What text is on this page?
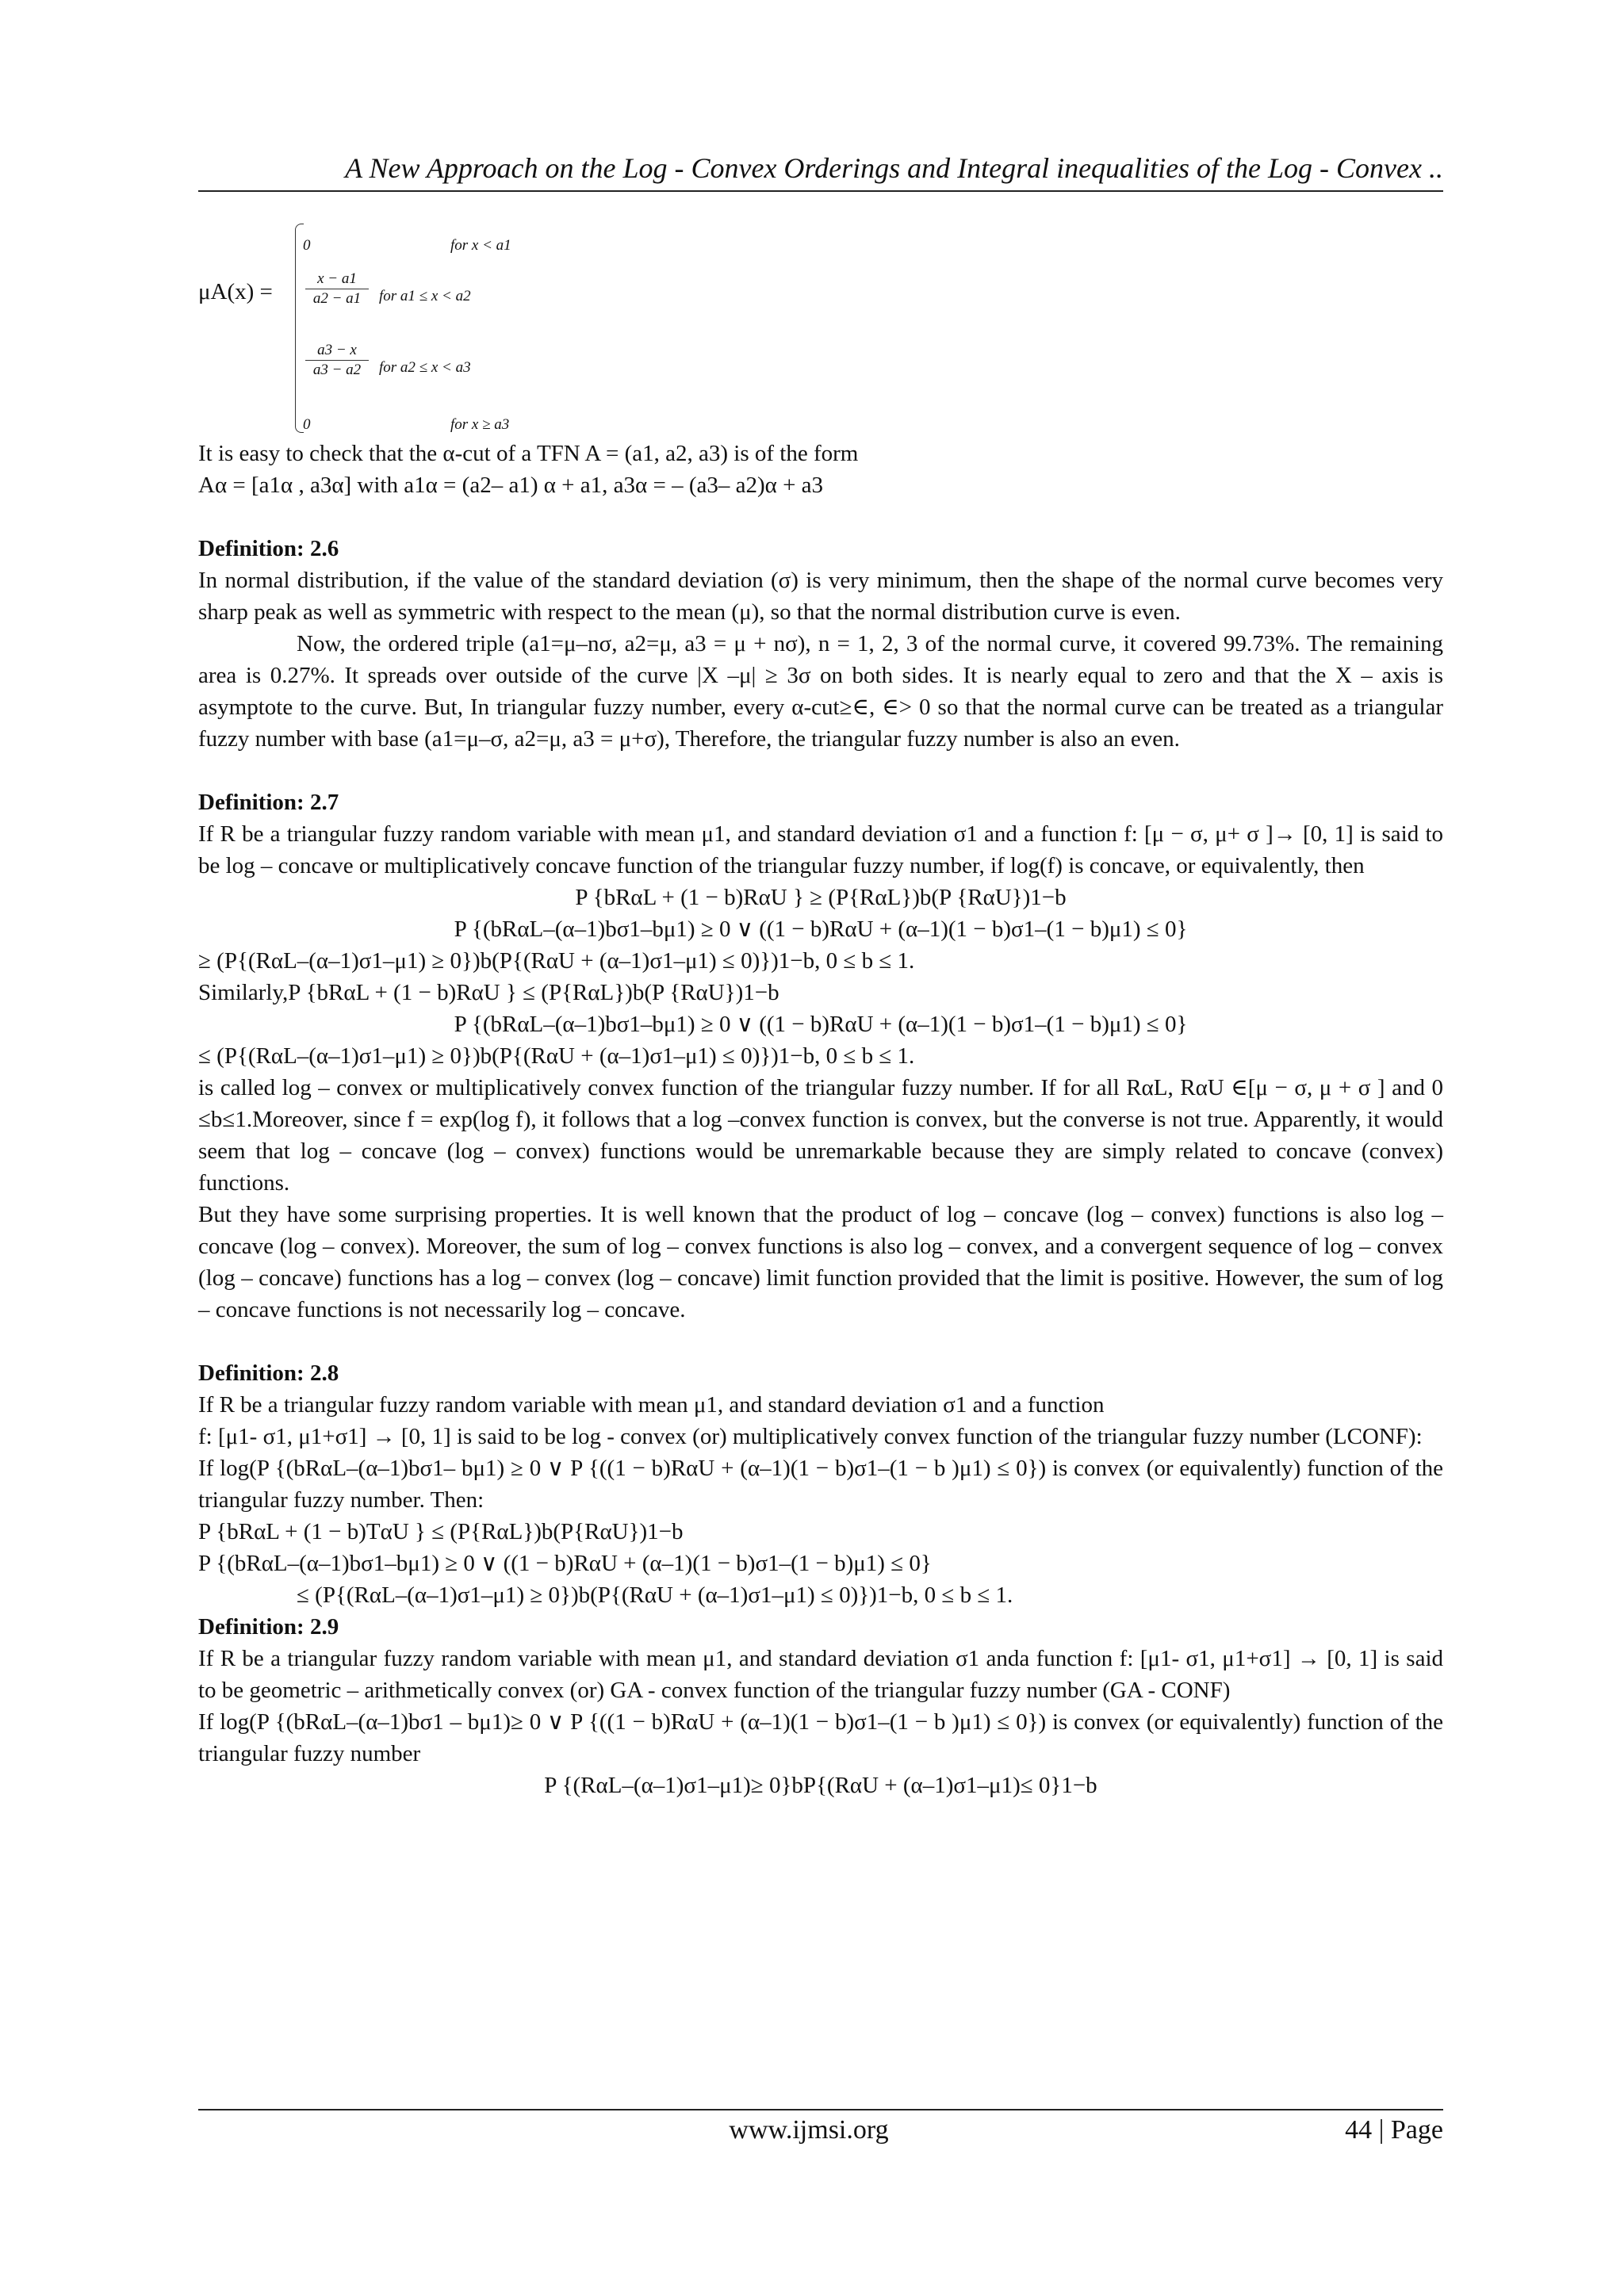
A New Approach on the Log - Convex Orderings and Integral inequalities of the Log - Convex ..
μA(x) =
0	for x < a1
$\frac{x - a1}{a2 - a1}$ for a1 ≤ x < a2
$\frac{a3 - x}{a3 - a2}$ for a2 ≤ x < a3
0	for x ≥ a3

It is easy to check that the α-cut of a TFN A = (a1, a2, a3) is of the form

Aα = [a1α , a3α] with a1α = (a2– a1) α + a1, a3α = – (a3– a2)α + a3

Definition: 2.6

In normal distribution, if the value of the standard deviation (σ) is very minimum, then the shape of the normal curve becomes very sharp peak as well as symmetric with respect to the mean (μ), so that the normal distribution curve is even.

Now, the ordered triple (a1=μ–nσ, a2=μ, a3 = μ + nσ), n = 1, 2, 3 of the normal curve, it covered 99.73%. The remaining area is 0.27%. It spreads over outside of the curve |X –μ| ≥ 3σ on both sides. It is nearly equal to zero and that the X – axis is asymptote to the curve. But, In triangular fuzzy number, every α-cut≥∈, ∈> 0 so that the normal curve can be treated as a triangular fuzzy number with base (a1=μ–σ, a2=μ, a3 = μ+σ), Therefore, the triangular fuzzy number is also an even.

Definition: 2.7

If R be a triangular fuzzy random variable with mean μ1, and standard deviation σ1 and a function f: [μ − σ, μ+ σ ]→ [0, 1] is said to be log – concave or multiplicatively concave function of the triangular fuzzy number, if log(f) is concave, or equivalently, then

P {bRαL + (1 − b)RαU } ≥ (P{RαL})b(P {RαU})1−b

P {(bRαL–(α–1)bσ1–bμ1) ≥ 0 ∨ ((1 − b)RαU + (α–1)(1 − b)σ1–(1 − b)μ1) ≤ 0}

≥ (P{(RαL–(α–1)σ1–μ1) ≥ 0})b(P{(RαU + (α–1)σ1–μ1) ≤ 0)})1−b, 0 ≤ b ≤ 1.

Similarly,P {bRαL + (1 − b)RαU } ≤ (P{RαL})b(P {RαU})1−b

P {(bRαL–(α–1)bσ1–bμ1) ≥ 0 ∨ ((1 − b)RαU + (α–1)(1 − b)σ1–(1 − b)μ1) ≤ 0}

≤ (P{(RαL–(α–1)σ1–μ1) ≥ 0})b(P{(RαU + (α–1)σ1–μ1) ≤ 0)})1−b, 0 ≤ b ≤ 1.

is called log – convex or multiplicatively convex function of the triangular fuzzy number. If for all RαL, RαU ∈[μ − σ, μ + σ ] and 0 ≤b≤1.Moreover, since f = exp(log f), it follows that a log –convex function is convex, but the converse is not true. Apparently, it would seem that log – concave (log – convex) functions would be unremarkable because they are simply related to concave (convex) functions.

But they have some surprising properties. It is well known that the product of log – concave (log – convex) functions is also log – concave (log – convex). Moreover, the sum of log – convex functions is also log – convex, and a convergent sequence of log – convex (log – concave) functions has a log – convex (log – concave) limit function provided that the limit is positive. However, the sum of log – concave functions is not necessarily log – concave.

Definition: 2.8

If R be a triangular fuzzy random variable with mean μ1, and standard deviation σ1 and a function

f: [μ1- σ1, μ1+σ1] → [0, 1] is said to be log - convex (or) multiplicatively convex function of the triangular fuzzy number (LCONF):

If log(P {(bRαL–(α–1)bσ1– bμ1) ≥ 0 ∨ P {((1 − b)RαU + (α–1)(1 − b)σ1–(1 − b )μ1) ≤ 0}) is convex (or equivalently) function of the triangular fuzzy number. Then:

P {bRαL + (1 − b)TαU } ≤ (P{RαL})b(P{RαU})1−b

P {(bRαL–(α–1)bσ1–bμ1) ≥ 0 ∨ ((1 − b)RαU + (α–1)(1 − b)σ1–(1 − b)μ1) ≤ 0}

≤ (P{(RαL–(α–1)σ1–μ1) ≥ 0})b(P{(RαU + (α–1)σ1–μ1) ≤ 0)})1−b, 0 ≤ b ≤ 1.

Definition: 2.9

If R be a triangular fuzzy random variable with mean μ1, and standard deviation σ1 anda function f: [μ1- σ1, μ1+σ1] → [0, 1] is said to be geometric – arithmetically convex (or) GA - convex function of the triangular fuzzy number (GA - CONF)

If log(P {(bRαL–(α–1)bσ1 – bμ1)≥ 0 ∨ P {((1 − b)RαU + (α–1)(1 − b)σ1–(1 − b )μ1) ≤ 0}) is convex (or equivalently) function of the triangular fuzzy number

P {(RαL–(α–1)σ1–μ1)≥ 0}bP{(RαU + (α–1)σ1–μ1)≤ 0}1−b

www.ijmsi.org	44 | Page
